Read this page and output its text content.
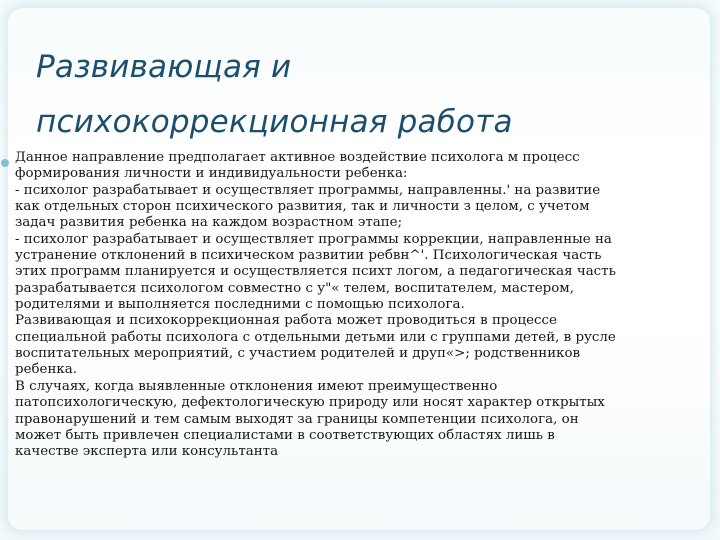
Развивающая и
психокоррекционная работа

Данное направление предполагает активное воздействие психолога м процесс
формирования личности и индивидуальности ребенка:
- психолог разрабатывает и осуществляет программы, направленны.' на развитие
как отдельных сторон психического развития, так и личности з целом, с учетом
задач развития ребенка на каждом возрастном этапе;
- психолог разрабатывает и осуществляет программы коррекции, направленные на
устранение отклонений в психическом развитии ребвн^'. Психологическая часть
этих программ планируется и осуществляется психт логом, а педагогическая часть
разрабатывается психологом совместно с у"« телем, воспитателем, мастером,
родителями и выполняется последними с помощью психолога.
Развивающая и психокоррекционная работа может проводиться в процессе
специальной работы психолога с отдельными детьми или с группами детей, в русле
воспитательных мероприятий, с участием родителей и друп«>; родственников
ребенка.
В случаях, когда выявленные отклонения имеют преимущественно
патопсихологическую, дефектологическую природу или носят характер открытых
правонарушений и тем самым выходят за границы компетенции психолога, он
может быть привлечен специалистами в соответствующих областях лишь в
качестве эксперта или консультанта
